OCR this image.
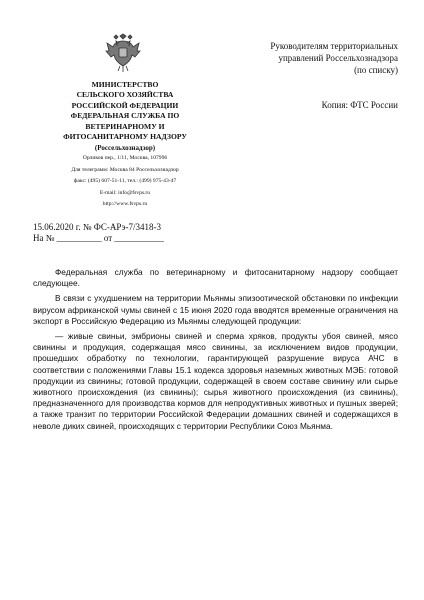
МИНИСТЕРСТВО

СЕЛЬСКОГО ХОЗЯЙСТВА

РОССИЙСКОЙ ФЕДЕРАЦИИ

ФЕДЕРАЛЬНАЯ СЛУЖБА ПО

ВЕТЕРИНАРНОМУ И

ФИТОСАНИТАРНОМУ НАДЗОРУ

(Россельхознадзор)

Орликов пер., 1/11, Москва, 107996

Для телеграмм: Москва 84 Россельхознадзор

факс: (495) 607-51-11, тел.: (499) 975-43-47

E-mail: info@fsvps.ru

http://www.fsvps.ru

15.06.2020 г. № ФС-АРэ-7/3418-3
На № __________ от ___________
Руководителям территориальных
управлений Россельхознадзора
(по списку)
Копия: ФТС России

Федеральная служба по ветеринарному и фитосанитарному надзору сообщает следующее.

В связи с ухудшением на территории Мьянмы эпизоотической обстановки по инфекции вирусом африканской чумы свиней с 15 июня 2020 года вводятся временные ограничения на экспорт в Российскую Федерацию из Мьянмы следующей продукции:

— живые свиньи, эмбрионы свиней и сперма хряков, продукты убоя свиней, мясо свинины и продукция, содержащая мясо свинины, за исключением видов продукции, прошедших обработку по технологии, гарантирующей разрушение вируса АЧС в соответствии с положениями Главы 15.1 кодекса здоровья наземных животных МЭБ: готовой продукции из свинины; готовой продукции, содержащей в своем составе свинину или сырье животного происхождения (из свинины); сырья животного происхождения (из свинины), предназначенного для производства кормов для непродуктивных животных и пушных зверей; а также транзит по территории Российской Федерации домашних свиней и содержащихся в неволе диких свиней, происходящих с территории Республики Союз Мьянма.
